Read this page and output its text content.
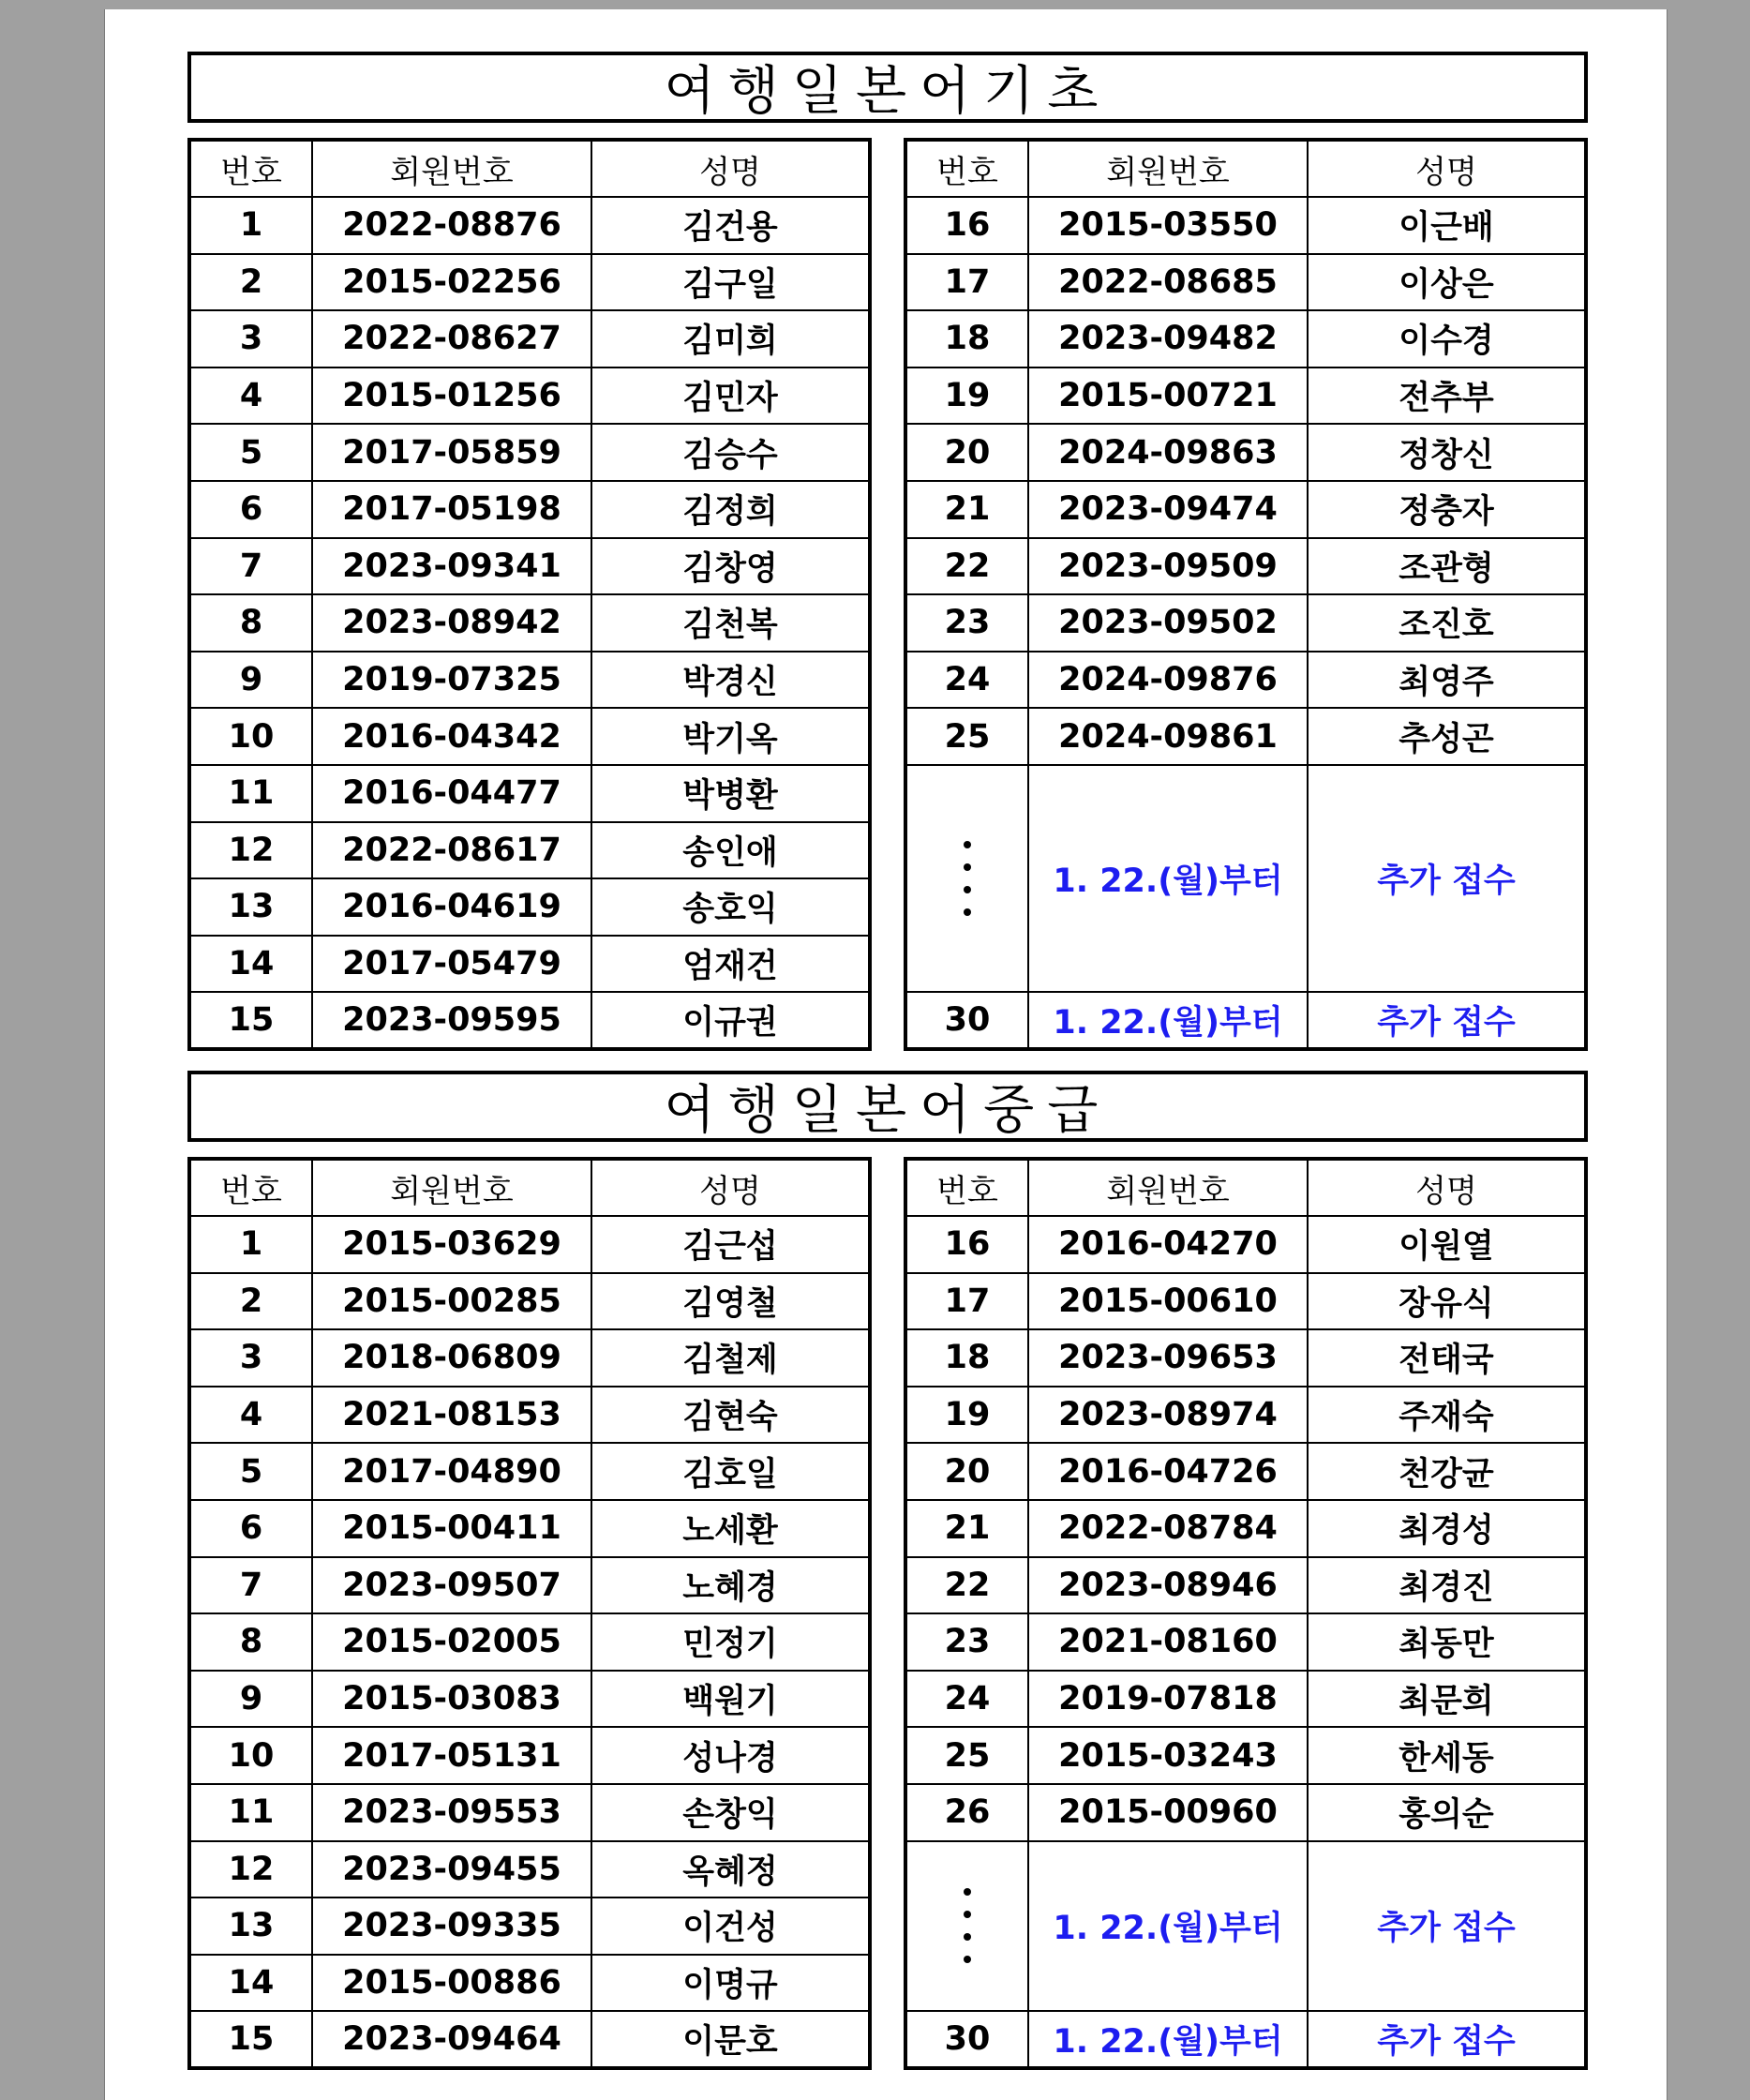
여행일본어기초
번호	회원번호	성명
1	2022-08876	김건용
2	2015-02256	김구일
3	2022-08627	김미희
4	2015-01256	김민자
5	2017-05859	김승수
6	2017-05198	김정희
7	2023-09341	김창영
8	2023-08942	김천복
9	2019-07325	박경신
10	2016-04342	박기옥
11	2016-04477	박병환
12	2022-08617	송인애
13	2016-04619	송호익
14	2017-05479	엄재건
15	2023-09595	이규권
번호	회원번호	성명
16	2015-03550	이근배
17	2022-08685	이상은
18	2023-09482	이수경
19	2015-00721	전추부
20	2024-09863	정창신
21	2023-09474	정충자
22	2023-09509	조관형
23	2023-09502	조진호
24	2024-09876	최영주
25	2024-09861	추성곤

	1. 22.(월)부터	추가 접수

30	1. 22.(월)부터	추가 접수
여행일본어중급
번호	회원번호	성명
1	2015-03629	김근섭
2	2015-00285	김영철
3	2018-06809	김철제
4	2021-08153	김현숙
5	2017-04890	김호일
6	2015-00411	노세환
7	2023-09507	노혜경
8	2015-02005	민정기
9	2015-03083	백원기
10	2017-05131	성나경
11	2023-09553	손창익
12	2023-09455	옥혜정
13	2023-09335	이건성
14	2015-00886	이명규
15	2023-09464	이문호
번호	회원번호	성명
16	2016-04270	이원열
17	2015-00610	장유식
18	2023-09653	전태국
19	2023-08974	주재숙
20	2016-04726	천강균
21	2022-08784	최경성
22	2023-08946	최경진
23	2021-08160	최동만
24	2019-07818	최문희
25	2015-03243	한세동
26	2015-00960	홍의순

	1. 22.(월)부터	추가 접수

30	1. 22.(월)부터	추가 접수
